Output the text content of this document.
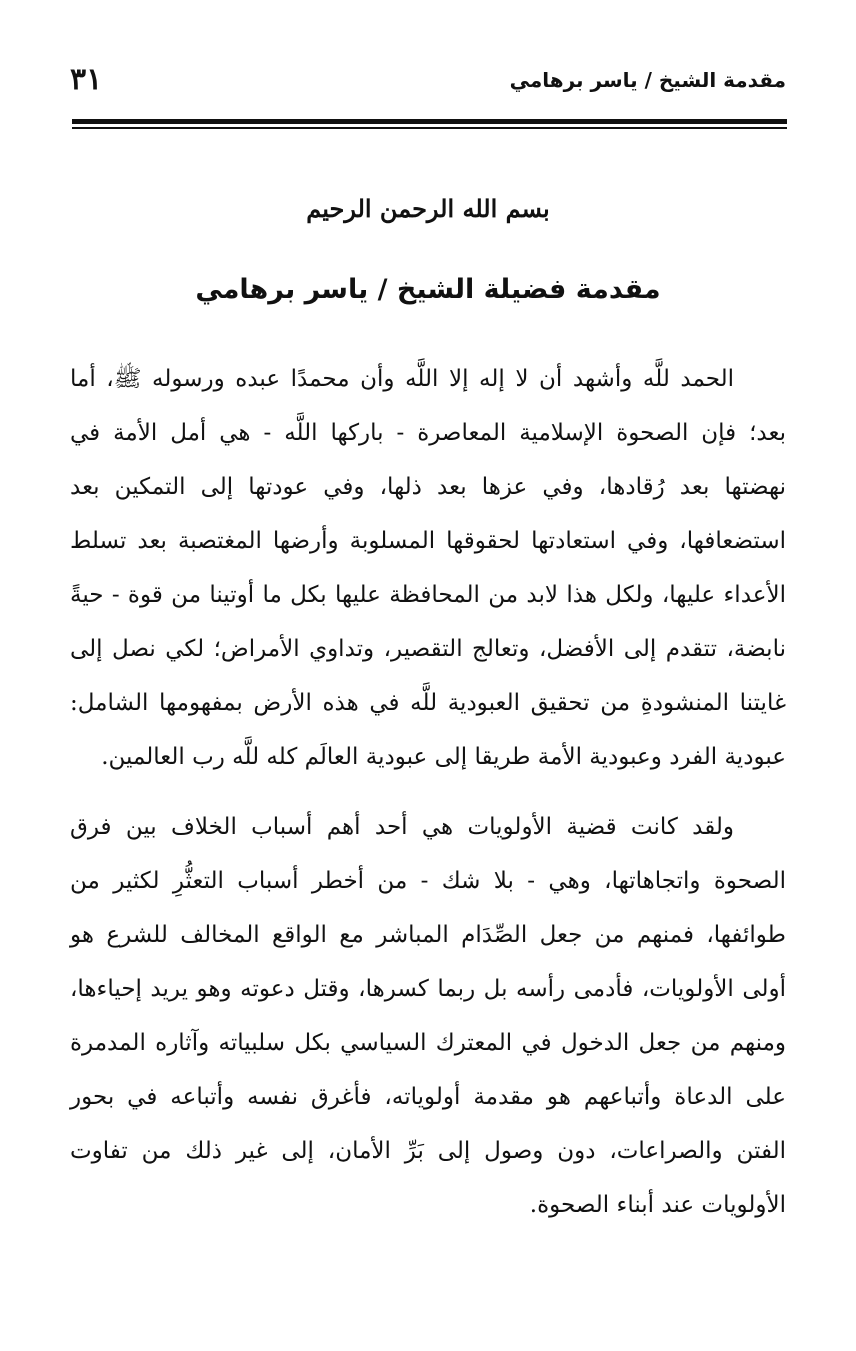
مقدمة الشيخ / ياسر برهامي
٣١
بسم الله الرحمن الرحيم
مقدمة فضيلة الشيخ / ياسر برهامي

الحمد للَّه وأشهد أن لا إله إلا اللَّه وأن محمدًا عبده ورسوله ﷺ، أما بعد؛ فإن الصحوة الإسلامية المعاصرة - باركها اللَّه - هي أمل الأمة في نهضتها بعد رُقادها، وفي عزها بعد ذلها، وفي عودتها إلى التمكين بعد استضعافها، وفي استعادتها لحقوقها المسلوبة وأرضها المغتصبة بعد تسلط الأعداء عليها، ولكل هذا لابد من المحافظة عليها بكل ما أوتينا من قوة - حيةً نابضة، تتقدم إلى الأفضل، وتعالج التقصير، وتداوي الأمراض؛ لكي نصل إلى غايتنا المنشودةِ من تحقيق العبودية للَّه في هذه الأرض بمفهومها الشامل: عبودية الفرد وعبودية الأمة طريقا إلى عبودية العالَم كله للَّه رب العالمين.

ولقد كانت قضية الأولويات هي أحد أهم أسباب الخلاف بين فرق الصحوة واتجاهاتها، وهي - بلا شك - من أخطر أسباب التعثُّرِ لكثير من طوائفها، فمنهم من جعل الصِّدَام المباشر مع الواقع المخالف للشرع هو أولى الأولويات، فأدمى رأسه بل ربما كسرها، وقتل دعوته وهو يريد إحياءها، ومنهم من جعل الدخول في المعترك السياسي بكل سلبياته وآثاره المدمرة على الدعاة وأتباعهم هو مقدمة أولوياته، فأغرق نفسه وأتباعه في بحور الفتن والصراعات، دون وصول إلى بَرِّ الأمان، إلى غير ذلك من تفاوت الأولويات عند أبناء الصحوة.
